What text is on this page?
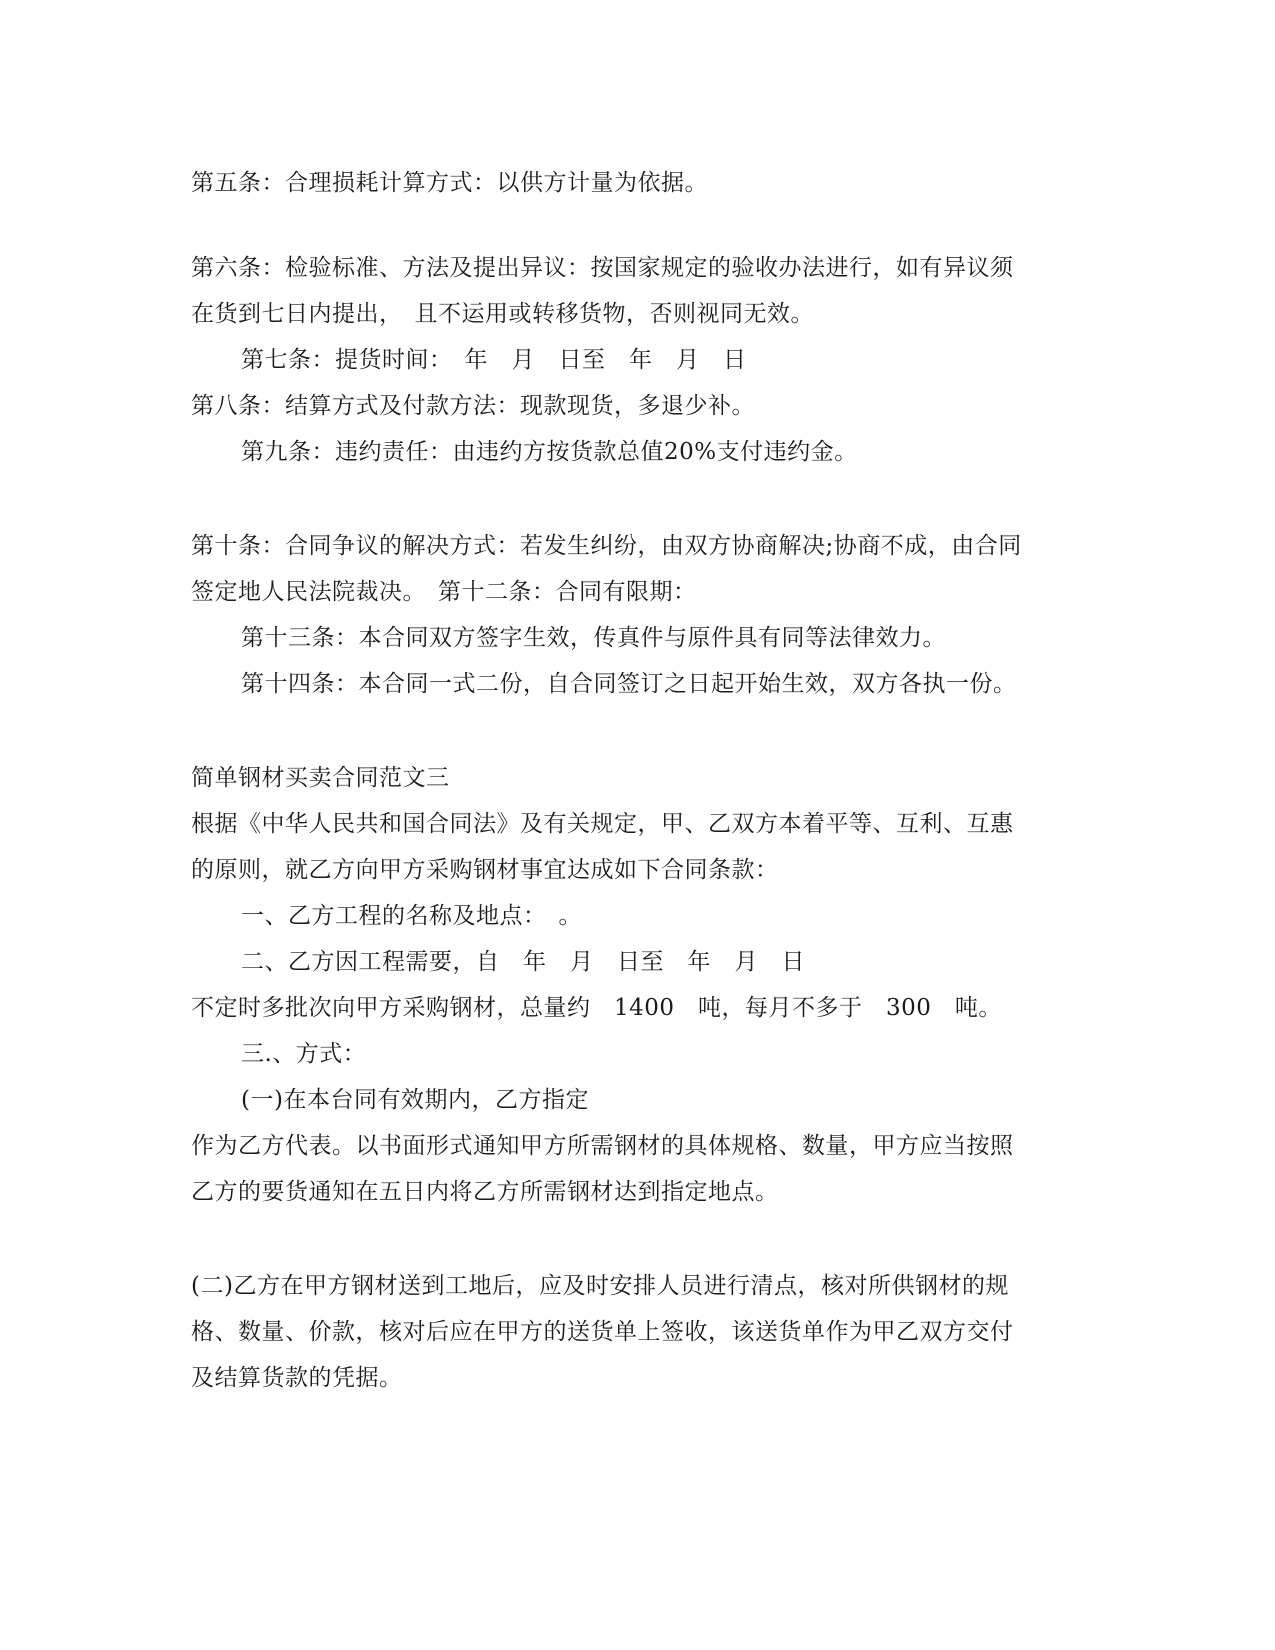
第五条：合理损耗计算方式：以供方计量为依据。
第六条：检验标准、方法及提出异议：按国家规定的验收办法进行，如有异议须
在货到七日内提出，　且不运用或转移货物，否则视同无效。
第七条：提货时间：　年　月　日至　年　月　日
第八条：结算方式及付款方法：现款现货，多退少补。
第九条：违约责任：由违约方按货款总值20%支付违约金。
第十条：合同争议的解决方式：若发生纠纷，由双方协商解决;协商不成，由合同
签定地人民法院裁决。　第十二条：合同有限期：
第十三条：本合同双方签字生效，传真件与原件具有同等法律效力。
第十四条：本合同一式二份，自合同签订之日起开始生效，双方各执一份。
简单钢材买卖合同范文三
根据《中华人民共和国合同法》及有关规定，甲、乙双方本着平等、互利、互惠
的原则，就乙方向甲方采购钢材事宜达成如下合同条款：
一、乙方工程的名称及地点：　。
二、乙方因工程需要，自　年　月　日至　年　月　日
不定时多批次向甲方采购钢材，总量约　1400　吨，每月不多于　300　吨。
三.、方式：
(一)在本台同有效期内，乙方指定
作为乙方代表。以书面形式通知甲方所需钢材的具体规格、数量，甲方应当按照
乙方的要货通知在五日内将乙方所需钢材达到指定地点。
(二)乙方在甲方钢材送到工地后，应及时安排人员进行清点，核对所供钢材的规
格、数量、价款，核对后应在甲方的送货单上签收，该送货单作为甲乙双方交付
及结算货款的凭据。
